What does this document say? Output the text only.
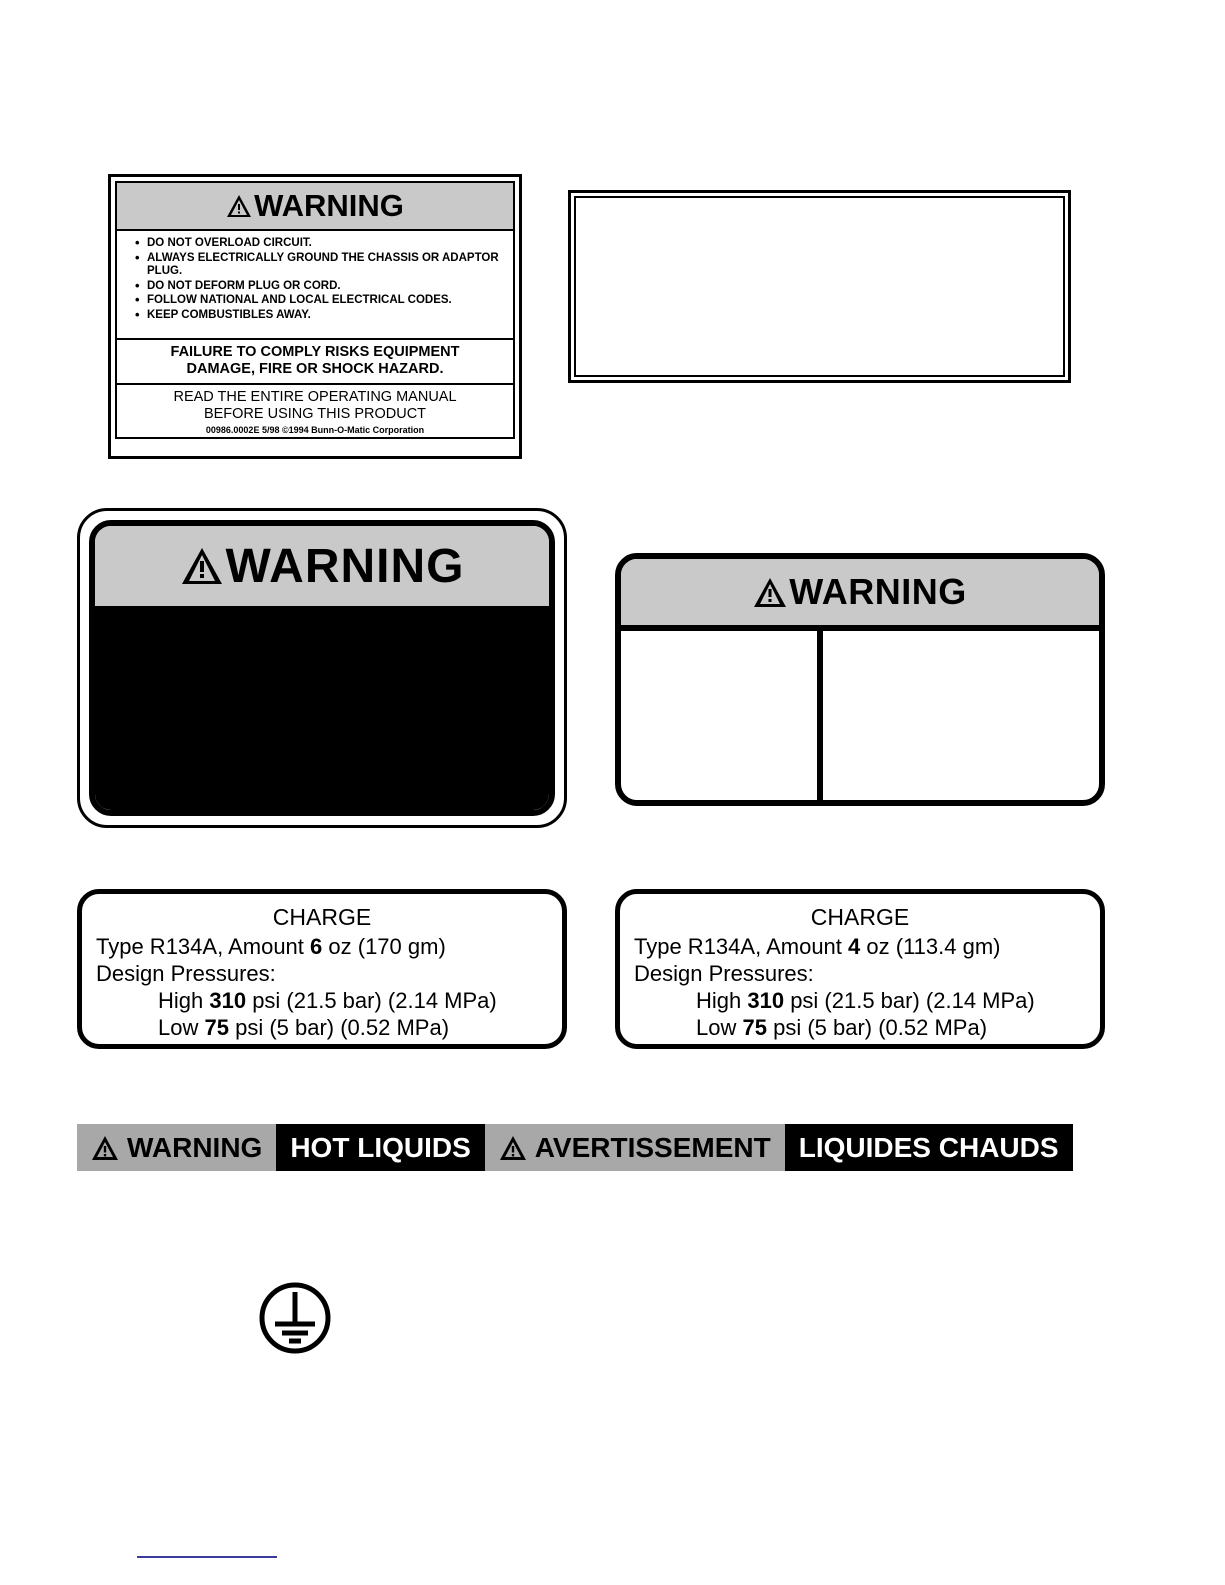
WARNING
• DO NOT OVERLOAD CIRCUIT.
• ALWAYS ELECTRICALLY GROUND THE CHASSIS OR ADAPTOR PLUG.
• DO NOT DEFORM PLUG OR CORD.
• FOLLOW NATIONAL AND LOCAL ELECTRICAL CODES.
• KEEP COMBUSTIBLES AWAY.
FAILURE TO COMPLY RISKS EQUIPMENT
DAMAGE, FIRE OR SHOCK HAZARD.
READ THE ENTIRE OPERATING MANUAL
BEFORE USING THIS PRODUCT
00986.0002E 5/98 ©1994 Bunn-O-Matic Corporation
WARNING	WARNING
CHARGE
Type R134A, Amount 6 oz (170 gm)
Design Pressures:
High 310 psi (21.5 bar) (2.14 MPa)
Low 75 psi (5 bar) (0.52 MPa)
CHARGE
Type R134A, Amount 4 oz (113.4 gm)
Design Pressures:
High 310 psi (21.5 bar) (2.14 MPa)
Low 75 psi (5 bar) (0.52 MPa)
WARNING HOT LIQUIDS AVERTISSEMENT LIQUIDES CHAUDS
